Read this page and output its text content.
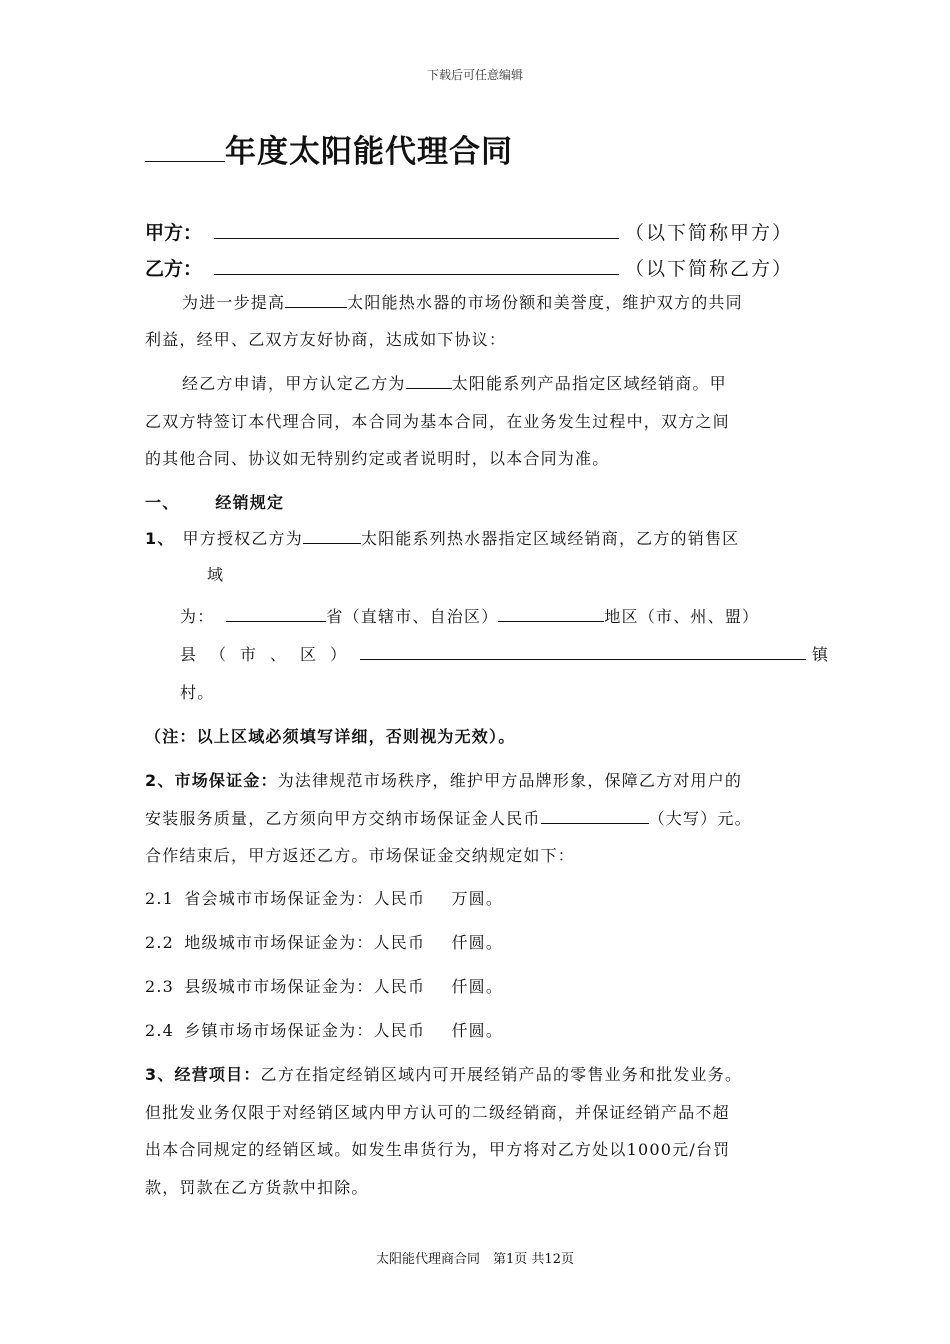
下载后可任意编辑
年度太阳能代理合同
甲方：	（以下简称甲方）
乙方：	（以下简称乙方）
为进一步提高	太阳能热水器的市场份额和美誉度，维护双方的共同
利益，经甲、乙双方友好协商，达成如下协议：
经乙方申请，甲方认定乙方为	太阳能系列产品指定区域经销商。甲
乙双方特签订本代理合同，本合同为基本合同，在业务发生过程中，双方之间
的其他合同、协议如无特别约定或者说明时，以本合同为准。
一、 经销规定
1、 甲方授权乙方为	太阳能系列热水器指定区域经销商，乙方的销售区
域
为：	省（直辖市、自治区）	地区（市、州、盟）
县（市、区）	镇
村。
（注：以上区域必须填写详细，否则视为无效）。
2、市场保证金：为法律规范市场秩序，维护甲方品牌形象，保障乙方对用户的
安装服务质量，乙方须向甲方交纳市场保证金人民币	（大写）元。
合作结束后，甲方返还乙方。市场保证金交纳规定如下：
2.1 省会城市市场保证金为：人民币 万圆。
2.2 地级城市市场保证金为：人民币 仟圆。
2.3 县级城市市场保证金为：人民币 仟圆。
2.4 乡镇市场市场保证金为：人民币 仟圆。
3、经营项目：乙方在指定经销区域内可开展经销产品的零售业务和批发业务。
但批发业务仅限于对经销区域内甲方认可的二级经销商，并保证经销产品不超
出本合同规定的经销区域。如发生串货行为，甲方将对乙方处以1000元/台罚
款，罚款在乙方货款中扣除。
太阳能代理商合同　第1页 共12页
